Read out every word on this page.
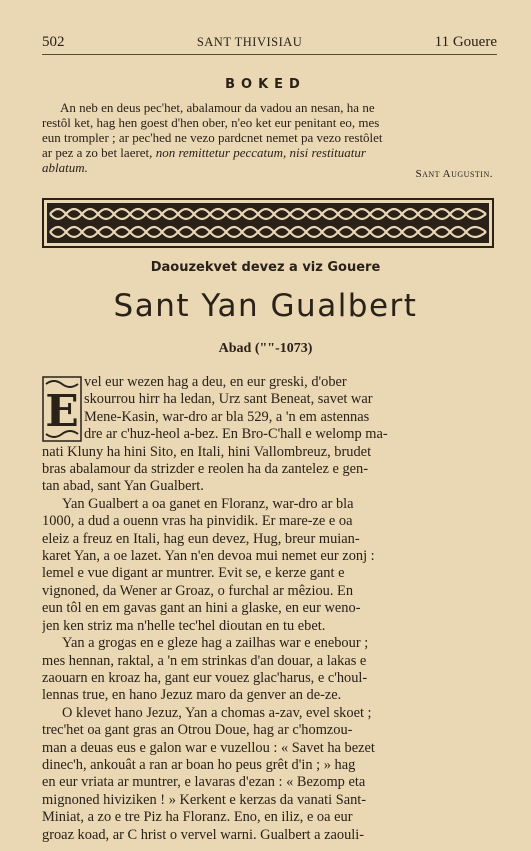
502	SANT THIVISIAU	11 Gouere
BOKED
An neb en deus pec'het, abalamour da vadou an nesan, ha ne
restôl ket, hag hen goest d'hen ober, n'eo ket eur penitant eo, mes
eun trompler ; ar pec'hed ne vezo pardcnet nemet pa vezo restôlet
ar pez a zo bet laeret, non remittetur peccatum, nisi restituatur
ablatum.	Sant Augustin.
Daouzekvet devez a viz Gouere
Sant Yan Gualbert
Abad (""-1073)
E
vel eur wezen hag a deu, en eur greski, d'ober
skourrou hirr ha ledan, Urz sant Beneat, savet war
Mene-Kasin, war-dro ar bla 529, a 'n em astennas
dre ar c'huz-heol a-bez. En Bro-C'hall e welomp ma-
nati Kluny ha hini Sito, en Itali, hini Vallombreuz, brudet
bras abalamour da strizder e reolen ha da zantelez e gen-
tan abad, sant Yan Gualbert.
Yan Gualbert a oa ganet en Floranz, war-dro ar bla
1000, a dud a ouenn vras ha pinvidik. Er mare-ze e oa
eleiz a freuz en Itali, hag eun devez, Hug, breur muian-
karet Yan, a oe lazet. Yan n'en devoa mui nemet eur zonj :
lemel e vue digant ar muntrer. Evit se, e kerze gant e
vignoned, da Wener ar Groaz, o furchal ar mêziou. En
eun tôl en em gavas gant an hini a glaske, en eur weno-
jen ken striz ma n'helle tec'hel dioutan en tu ebet.
Yan a grogas en e gleze hag a zailhas war e enebour ;
mes hennan, raktal, a 'n em strinkas d'an douar, a lakas e
zaouarn en kroaz ha, gant eur vouez glac'harus, e c'houl-
lennas true, en hano Jezuz maro da genver an de-ze.
O klevet hano Jezuz, Yan a chomas a-zav, evel skoet ;
trec'het oa gant gras an Otrou Doue, hag ar c'homzou-
man a deuas eus e galon war e vuzellou : « Savet ha bezet
dinec'h, ankouât a ran ar boan ho peus grêt d'in ; » hag
en eur vriata ar muntrer, e lavaras d'ezan : « Bezomp eta
mignoned hiviziken ! » Kerkent e kerzas da vanati Sant-
Miniat, a zo e tre Piz ha Floranz. Eno, en iliz, e oa eur
groaz koad, ar C hrist o vervel warni. Gualbert a zaouli-
